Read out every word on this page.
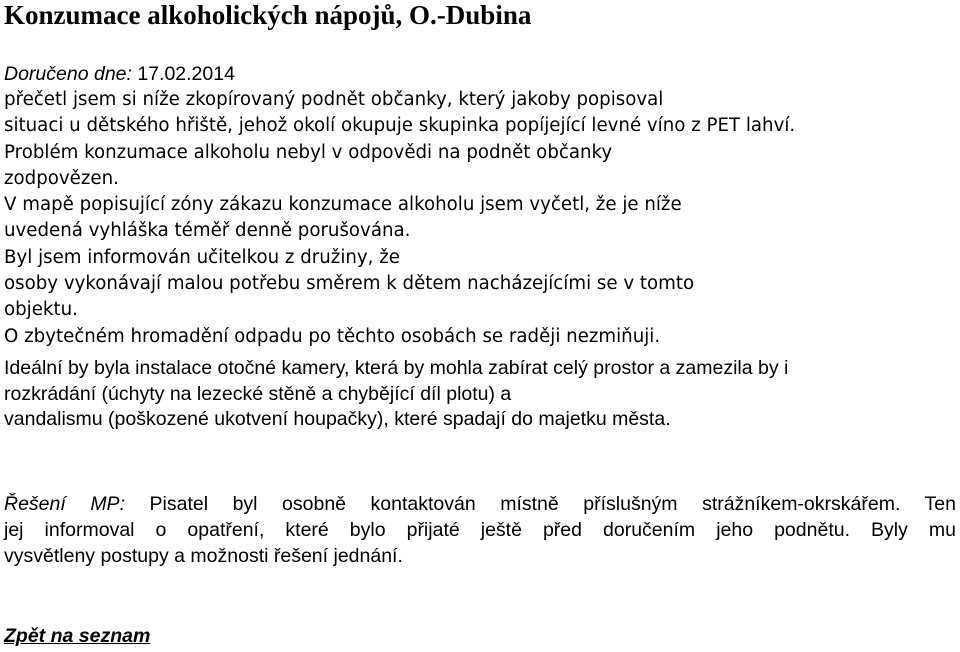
Konzumace alkoholických nápojů, O.-Dubina
Doručeno dne: 17.02.2014
přečetl jsem si níže zkopírovaný podnět občanky, který jakoby popisoval
situaci u dětského hřiště, jehož okolí okupuje skupinka popíjející levné víno z PET lahví.
Problém konzumace alkoholu nebyl v odpovědi na podnět občanky
zodpovězen.
V mapě popisující zóny zákazu konzumace alkoholu jsem vyčetl, že je níže
uvedená vyhláška téměř denně porušována.
Byl jsem informován učitelkou z družiny, že
osoby vykonávají malou potřebu směrem k dětem nacházejícími se v tomto
objektu.
O zbytečném hromadění odpadu po těchto osobách se raději nezmiňuji.
Ideální by byla instalace otočné kamery, která by mohla zabírat celý prostor a zamezila by i
rozkrádání (úchyty na lezecké stěně a chybějící díl plotu) a
vandalismu (poškozené ukotvení houpačky), které spadají do majetku města.
Řešení MP: Pisatel byl osobně kontaktován místně příslušným strážníkem-okrskářem. Ten
jej informoval o opatření, které bylo přijaté ještě před doručením jeho podnětu. Byly mu
vysvětleny postupy a možnosti řešení jednání.
Zpět na seznam
